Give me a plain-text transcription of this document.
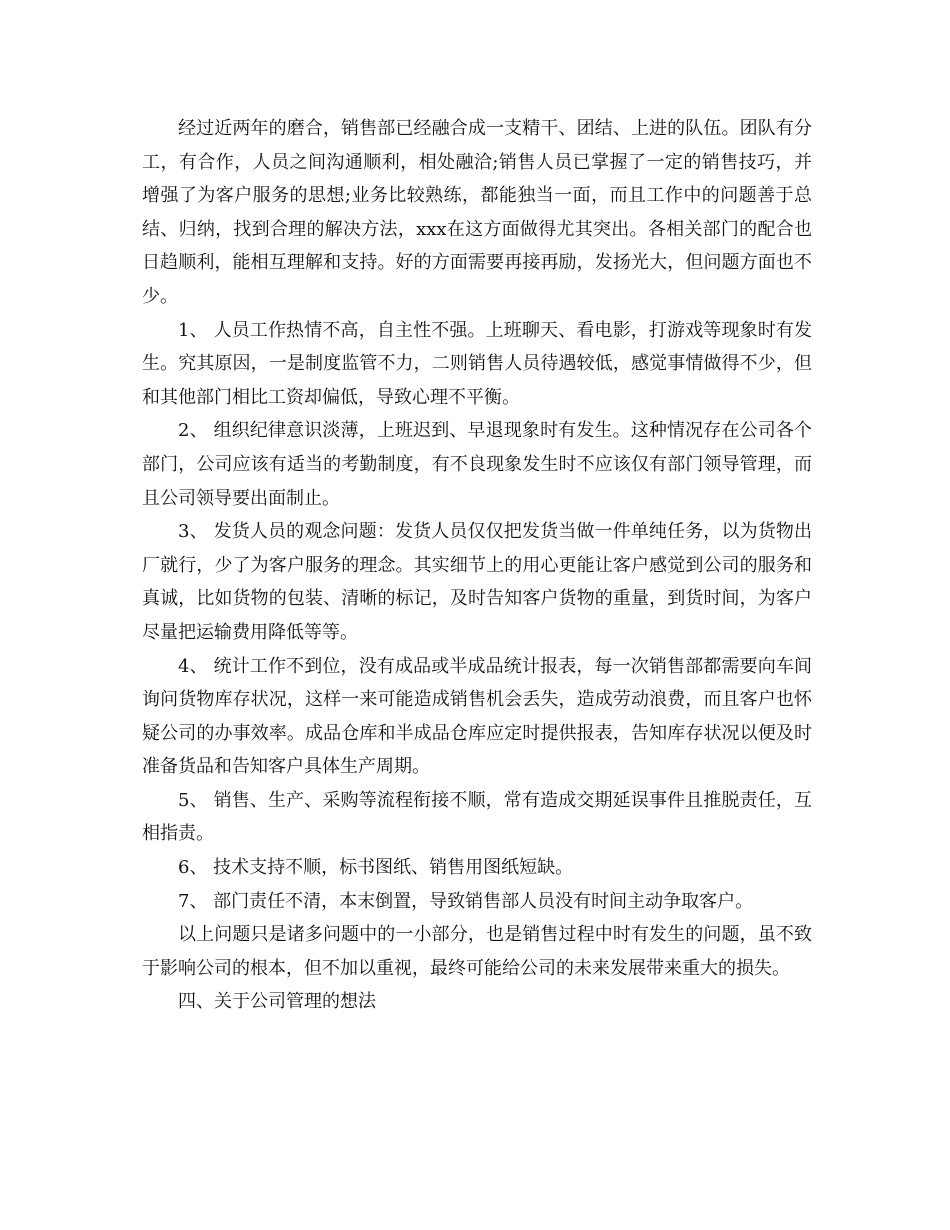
经过近两年的磨合，销售部已经融合成一支精干、团结、上进的队伍。团队有分工，有合作，人员之间沟通顺利，相处融洽;销售人员已掌握了一定的销售技巧，并增强了为客户服务的思想;业务比较熟练，都能独当一面，而且工作中的问题善于总结、归纳，找到合理的解决方法，xxx在这方面做得尤其突出。各相关部门的配合也日趋顺利，能相互理解和支持。好的方面需要再接再励，发扬光大，但问题方面也不少。

1、 人员工作热情不高，自主性不强。上班聊天、看电影，打游戏等现象时有发生。究其原因，一是制度监管不力，二则销售人员待遇较低，感觉事情做得不少，但和其他部门相比工资却偏低，导致心理不平衡。

2、 组织纪律意识淡薄，上班迟到、早退现象时有发生。这种情况存在公司各个部门，公司应该有适当的考勤制度，有不良现象发生时不应该仅有部门领导管理，而且公司领导要出面制止。

3、 发货人员的观念问题：发货人员仅仅把发货当做一件单纯任务，以为货物出厂就行，少了为客户服务的理念。其实细节上的用心更能让客户感觉到公司的服务和真诚，比如货物的包装、清晰的标记，及时告知客户货物的重量，到货时间，为客户尽量把运输费用降低等等。

4、 统计工作不到位，没有成品或半成品统计报表，每一次销售部都需要向车间询问货物库存状况，这样一来可能造成销售机会丢失，造成劳动浪费，而且客户也怀疑公司的办事效率。成品仓库和半成品仓库应定时提供报表，告知库存状况以便及时准备货品和告知客户具体生产周期。

5、 销售、生产、采购等流程衔接不顺，常有造成交期延误事件且推脱责任，互相指责。

6、 技术支持不顺，标书图纸、销售用图纸短缺。

7、 部门责任不清，本末倒置，导致销售部人员没有时间主动争取客户。

以上问题只是诸多问题中的一小部分，也是销售过程中时有发生的问题，虽不致于影响公司的根本，但不加以重视，最终可能给公司的未来发展带来重大的损失。

四、关于公司管理的想法
